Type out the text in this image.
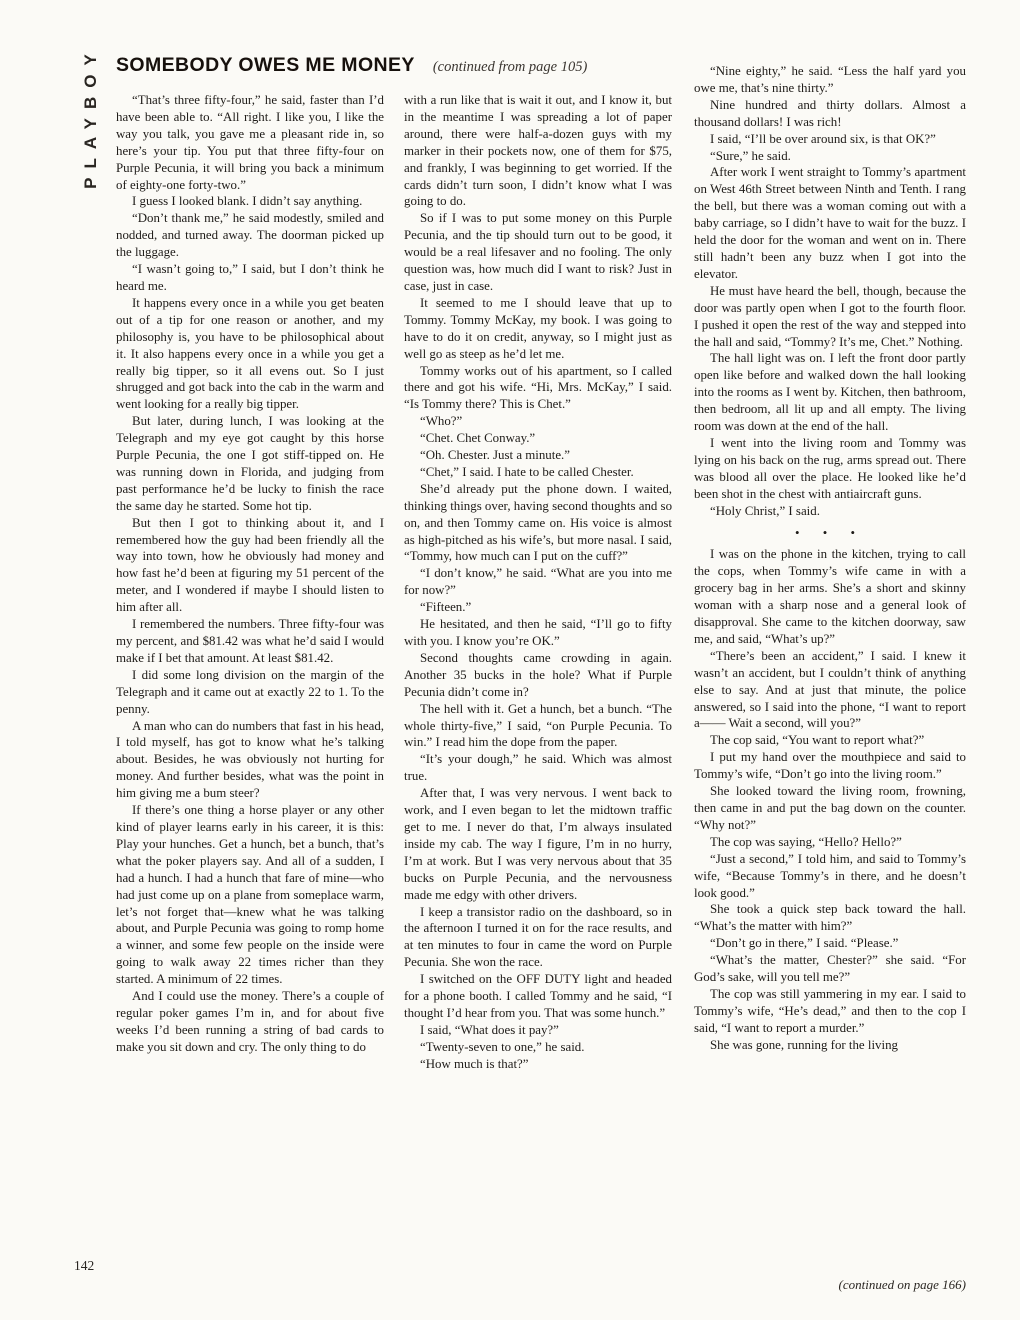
PLAYBOY SOMEBODY OWES ME MONEY (continued from page 105)

“That’s three fifty-four,” he said, faster than I’d have been able to. “All right. I like you, I like the way you talk, you gave me a pleasant ride in, so here’s your tip. You put that three fifty-four on Purple Pecunia, it will bring you back a minimum of eighty-one forty-two.”

I guess I looked blank. I didn’t say anything.

“Don’t thank me,” he said modestly, smiled and nodded, and turned away. The doorman picked up the luggage.

“I wasn’t going to,” I said, but I don’t think he heard me.

It happens every once in a while you get beaten out of a tip for one reason or another, and my philosophy is, you have to be philosophical about it. It also happens every once in a while you get a really big tipper, so it all evens out. So I just shrugged and got back into the cab in the warm and went looking for a really big tipper.

But later, during lunch, I was looking at the Telegraph and my eye got caught by this horse Purple Pecunia, the one I got stiff-tipped on. He was running down in Florida, and judging from past performance he’d be lucky to finish the race the same day he started. Some hot tip.

But then I got to thinking about it, and I remembered how the guy had been friendly all the way into town, how he obviously had money and how fast he’d been at figuring my 51 percent of the meter, and I wondered if maybe I should listen to him after all.

I remembered the numbers. Three fifty-four was my percent, and $81.42 was what he’d said I would make if I bet that amount. At least $81.42.

I did some long division on the margin of the Telegraph and it came out at exactly 22 to 1. To the penny.

A man who can do numbers that fast in his head, I told myself, has got to know what he’s talking about. Besides, he was obviously not hurting for money. And further besides, what was the point in him giving me a bum steer?

If there’s one thing a horse player or any other kind of player learns early in his career, it is this: Play your hunches. Get a hunch, bet a bunch, that’s what the poker players say. And all of a sudden, I had a hunch. I had a hunch that fare of mine—who had just come up on a plane from someplace warm, let’s not forget that—knew what he was talking about, and Purple Pecunia was going to romp home a winner, and some few people on the inside were going to walk away 22 times richer than they started. A minimum of 22 times.

And I could use the money. There’s a couple of regular poker games I’m in, and for about five weeks I’d been running a string of bad cards to make you sit down and cry. The only thing to do

with a run like that is wait it out, and I know it, but in the meantime I was spreading a lot of paper around, there were half-a-dozen guys with my marker in their pockets now, one of them for $75, and frankly, I was beginning to get worried. If the cards didn’t turn soon, I didn’t know what I was going to do.

So if I was to put some money on this Purple Pecunia, and the tip should turn out to be good, it would be a real lifesaver and no fooling. The only question was, how much did I want to risk? Just in case, just in case.

It seemed to me I should leave that up to Tommy. Tommy McKay, my book. I was going to have to do it on credit, anyway, so I might just as well go as steep as he’d let me.

Tommy works out of his apartment, so I called there and got his wife. “Hi, Mrs. McKay,” I said. “Is Tommy there? This is Chet.”

“Who?”

“Chet. Chet Conway.”

“Oh. Chester. Just a minute.”

“Chet,” I said. I hate to be called Chester.

She’d already put the phone down. I waited, thinking things over, having second thoughts and so on, and then Tommy came on. His voice is almost as high-pitched as his wife’s, but more nasal. I said, “Tommy, how much can I put on the cuff?”

“I don’t know,” he said. “What are you into me for now?”

“Fifteen.”

He hesitated, and then he said, “I’ll go to fifty with you. I know you’re OK.”

Second thoughts came crowding in again. Another 35 bucks in the hole? What if Purple Pecunia didn’t come in?

The hell with it. Get a hunch, bet a bunch. “The whole thirty-five,” I said, “on Purple Pecunia. To win.” I read him the dope from the paper.

“It’s your dough,” he said. Which was almost true.

After that, I was very nervous. I went back to work, and I even began to let the midtown traffic get to me. I never do that, I’m always insulated inside my cab. The way I figure, I’m in no hurry, I’m at work. But I was very nervous about that 35 bucks on Purple Pecunia, and the nervousness made me edgy with other drivers.

I keep a transistor radio on the dashboard, so in the afternoon I turned it on for the race results, and at ten minutes to four in came the word on Purple Pecunia. She won the race.

I switched on the OFF DUTY light and headed for a phone booth. I called Tommy and he said, “I thought I’d hear from you. That was some hunch.”

I said, “What does it pay?”

“Twenty-seven to one,” he said.

“How much is that?”

“Nine eighty,” he said. “Less the half yard you owe me, that’s nine thirty.”

Nine hundred and thirty dollars. Almost a thousand dollars! I was rich!

I said, “I’ll be over around six, is that OK?”

“Sure,” he said.

After work I went straight to Tommy’s apartment on West 46th Street between Ninth and Tenth. I rang the bell, but there was a woman coming out with a baby carriage, so I didn’t have to wait for the buzz. I held the door for the woman and went on in. There still hadn’t been any buzz when I got into the elevator.

He must have heard the bell, though, because the door was partly open when I got to the fourth floor. I pushed it open the rest of the way and stepped into the hall and said, “Tommy? It’s me, Chet.” Nothing.

The hall light was on. I left the front door partly open like before and walked down the hall looking into the rooms as I went by. Kitchen, then bathroom, then bedroom, all lit up and all empty. The living room was down at the end of the hall.

I went into the living room and Tommy was lying on his back on the rug, arms spread out. There was blood all over the place. He looked like he’d been shot in the chest with antiaircraft guns.

“Holy Christ,” I said.

• • •

I was on the phone in the kitchen, trying to call the cops, when Tommy’s wife came in with a grocery bag in her arms. She’s a short and skinny woman with a sharp nose and a general look of disapproval. She came to the kitchen doorway, saw me, and said, “What’s up?”

“There’s been an accident,” I said. I knew it wasn’t an accident, but I couldn’t think of anything else to say. And at just that minute, the police answered, so I said into the phone, “I want to report a—— Wait a second, will you?”

The cop said, “You want to report what?”

I put my hand over the mouthpiece and said to Tommy’s wife, “Don’t go into the living room.”

She looked toward the living room, frowning, then came in and put the bag down on the counter. “Why not?”

The cop was saying, “Hello? Hello?”

“Just a second,” I told him, and said to Tommy’s wife, “Because Tommy’s in there, and he doesn’t look good.”

She took a quick step back toward the hall. “What’s the matter with him?”

“Don’t go in there,” I said. “Please.”

“What’s the matter, Chester?” she said. “For God’s sake, will you tell me?”

The cop was still yammering in my ear. I said to Tommy’s wife, “He’s dead,” and then to the cop I said, “I want to report a murder.”

She was gone, running for the living

142
(continued on page 166)
